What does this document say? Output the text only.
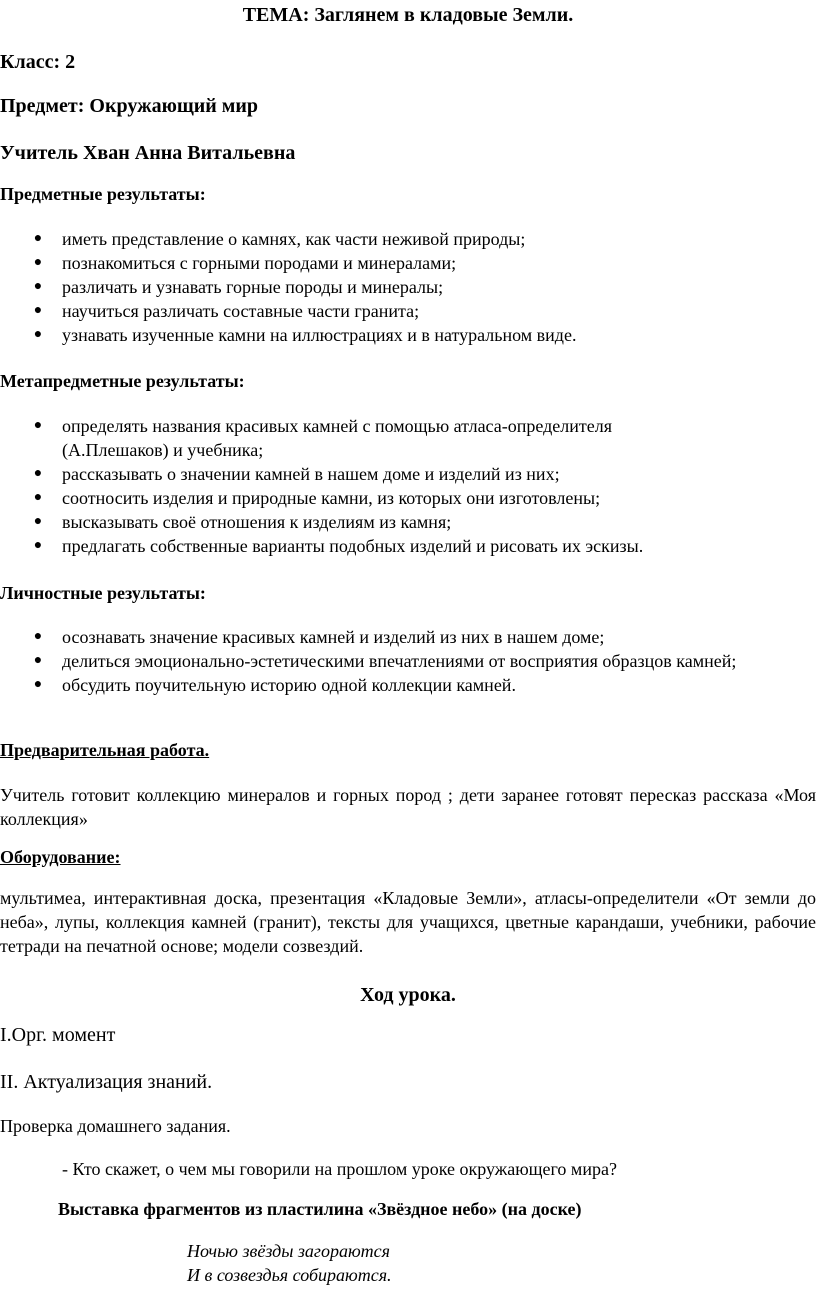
ТЕМА: Заглянем в кладовые Земли.

Класс: 2

Предмет: Окружающий мир

Учитель Хван Анна Витальевна

Предметные результаты:

● иметь представление о камнях, как части неживой природы;
● познакомиться с горными породами и минералами;
● различать и узнавать горные породы и минералы;
● научиться различать составные части гранита;
● узнавать изученные камни на иллюстрациях и в натуральном виде.

Метапредметные результаты:

● определять названия красивых камней с помощью атласа-определителя (А.Плешаков) и учебника;
● рассказывать о значении камней в нашем доме и изделий из них;
● соотносить изделия и природные камни, из которых они изготовлены;
● высказывать своё отношения к изделиям из камня;
● предлагать собственные варианты подобных изделий и рисовать их эскизы.

Личностные результаты:

● осознавать значение красивых камней и изделий из них в нашем доме;
● делиться эмоционально-эстетическими впечатлениями от восприятия образцов камней;
● обсудить поучительную историю одной коллекции камней.

Предварительная работа.

Учитель готовит коллекцию минералов и горных пород ; дети заранее готовят пересказ рассказа «Моя коллекция»

Оборудование:

мультимеа, интерактивная доска, презентация «Кладовые Земли», атласы-определители «От земли до неба», лупы, коллекция камней (гранит), тексты для учащихся, цветные карандаши, учебники, рабочие тетради на печатной основе; модели созвездий.

Ход урока.

I.Орг. момент

II. Актуализация знаний.

Проверка домашнего задания.

- Кто скажет, о чем мы говорили на прошлом уроке окружающего мира?

Выставка фрагментов из пластилина «Звёздное небо» (на доске)

Ночью звёзды загораются

И в созвездья собираются.
